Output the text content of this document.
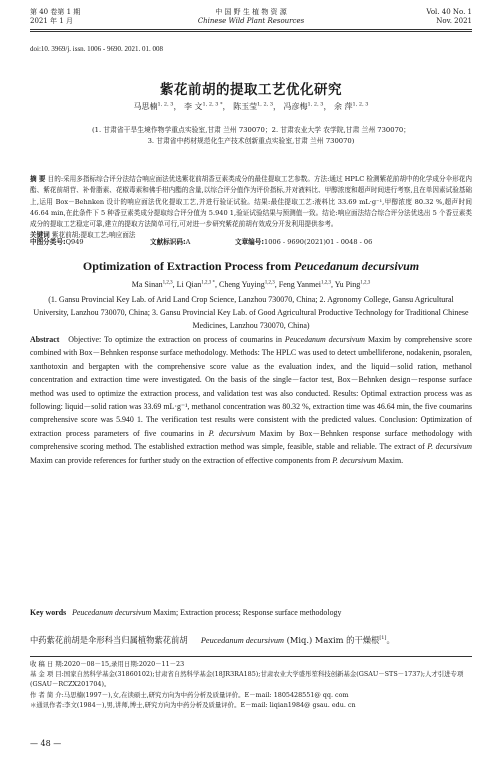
第 40 卷第 1 期
2021 年 1 月
中 国 野 生 植 物 资 源
Chinese Wild Plant Resources
Vol. 40 No. 1
Nov. 2021
doi:10. 3969/j. issn. 1006 - 9690. 2021. 01. 008
紫花前胡的提取工艺优化研究
马思楠$^{1, 2, 3}$， 李 文$^{1, 2, 3 *}$， 陈玉莹$^{1, 2, 3}$， 冯彦梅$^{1, 2, 3}$， 余 萍$^{1, 2, 3}$
(1. 甘肃省干旱生境作物学重点实验室,甘肃 兰州 730070；2. 甘肃农业大学 农学院,甘肃 兰州 730070；
3. 甘肃省中药材规范化生产技术创新重点实验室,甘肃 兰州 730070)
摘 要 目的:采用多指标综合评分法结合响应面法优选紫花前胡香豆素类成分的最佳提取工艺参数。方法:通过 HPLC 检测紫花前胡中的化学成分伞形花内酯、紫花前胡苷、补骨脂素、花椒毒素和佛手柑内酯的含量,以综合评分值作为评价指标,并对液料比、甲醇浓度和超声时间进行考察,且在单因素试验基础上,运用 Box－Behnken 设计的响应面法优化提取工艺,并进行验证试验。结果:最佳提取工艺:液料比 33.69 mL·g⁻¹,甲醇浓度 80.32 %,超声时间 46.64 min,在此条件下 5 种香豆素类成分提取综合评分值为 5.940 1,验证试验结果与预测值一致。结论:响应面法结合综合评分法优选出 5 个香豆素类成分的提取工艺稳定可靠,建立的提取方法简单可行,可对进一步研究紫花前胡有效成分开发利用提供参考。
关键词 紫花前胡;提取工艺;响应面法
中图分类号:Q949	文献标识码:A	文章编号:1006 - 9690(2021)01 - 0048 - 06
Optimization of Extraction Process from Peucedanum decursivum
Ma Sinan$^{1,2,3}$, Li Qian$^{1,2,3 *}$, Cheng Yuying$^{1,2,3}$, Feng Yanmei$^{1,2,3}$, Yu Ping$^{1,2,3}$
(1. Gansu Provincial Key Lab. of Arid Land Crop Science, Lanzhou 730070, China; 2. Agronomy College, Gansu Agricultural University, Lanzhou 730070, China; 3. Gansu Provincial Key Lab. of Good Agricultural Productive Technology for Traditional Chinese Medicines, Lanzhou 730070, China)
Abstract Objective: To optimize the extraction on process of coumarins in Peucedanum decursivum Maxim by comprehensive score combined with Box－Behnken response surface methodology. Methods: The HPLC was used to detect umbelliferone, nodakenin, psoralen, xanthotoxin and bergapten with the comprehensive score value as the evaluation index, and the liquid－solid ration, methanol concentration and extraction time were investigated. On the basis of the single－factor test, Box－Behnken design－response surface method was used to optimize the extraction process, and validation test was also conducted. Results: Optimal extraction process was as following: liquid－solid ration was 33.69 mL·g⁻¹, methanol concentration was 80.32 %, extraction time was 46.64 min, the five coumarins comprehensive score was 5.940 1. The verification test results were consistent with the predicted values. Conclusion: Optimization of extraction process parameters of five coumarins in P. decursivum Maxim by Box－Behnken response surface methodology with comprehensive scoring method. The established extraction method was simple, feasible, stable and reliable. The extract of P. decursivum Maxim can provide references for further study on the extraction of effective components from P. decursivum Maxim.
Key words Peucedanum decursivum Maxim; Extraction process; Response surface methodology
中药紫花前胡是伞形科当归属植物紫花前胡 Peucedanum decursivum (Miq.) Maxim 的干燥根[1]。
收 稿 日 期:2020－08－15,录用日期:2020－11－23
基 金 项 目:国家自然科学基金(31860102);甘肃省自然科学基金(18JR3RA185);甘肃农业大学盛彤笙科技创新基金(GSAU－STS－1737);人才引进专项(GSAU－RCZX201704)。
作 者 简 介:马思楠(1997－),女,在读硕士,研究方向为中药分析及质量评价。E－mail: 1805428551@ qq. com
＊通讯作者:李文(1984－),男,讲师,博士,研究方向为中药分析及质量评价。E－mail: liqian1984@ gsau. edu. cn
— 48 —
